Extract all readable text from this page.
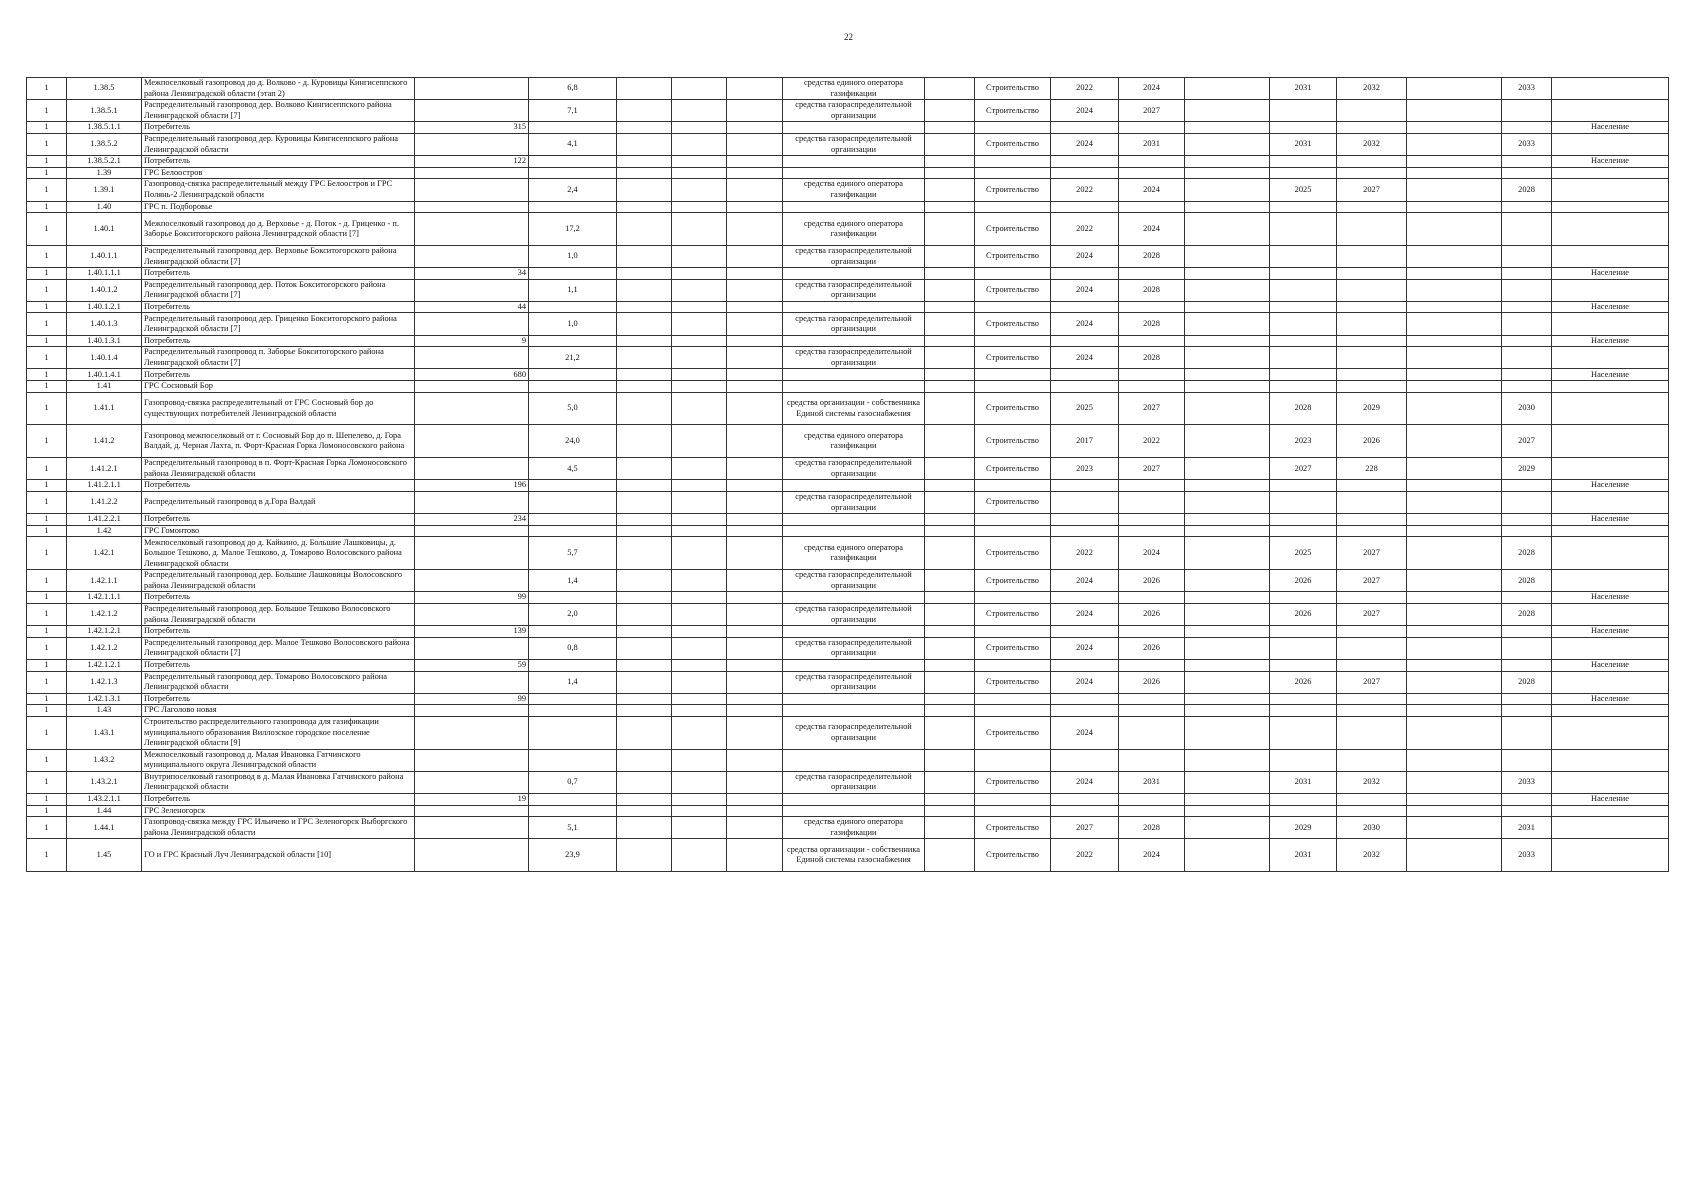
22
1	1.38.5	Межпоселковый газопровод до д. Волково - д. Куровицы Кингисеппского района Ленинградской области (этап 2)		6,8				средства единого оператора газификации		Строительство	2022	2024		2031	2032		2033	
1	1.38.5.1	Распределительный газопровод дер. Волково Кингисеппского района Ленинградской области [7]		7,1				средства газораспределительной организации		Строительство	2024	2027						
1	1.38.5.1.1	Потребитель	315															Население
1	1.38.5.2	Распределительный газопровод дер. Куровицы Кингисеппского района Ленинградской области		4,1				средства газораспределительной организации		Строительство	2024	2031		2031	2032		2033	
1	1.38.5.2.1	Потребитель	122															Население
1	1.39	ГРС Белоостров																
1	1.39.1	Газопровод-связка распределительный между ГРС Белоостров и ГРС Полянь-2 Ленинградской области		2,4				средства единого оператора газификации		Строительство	2022	2024		2025	2027		2028	
1	1.40	ГРС п. Подборовье																
1	1.40.1	Межпоселковый газопровод до д. Верховье - д. Поток - д. Гриценко - п. Заборье Бокситогорского района Ленинградской области [7]		17,2				средства единого оператора газификации		Строительство	2022	2024						
1	1.40.1.1	Распределительный газопровод дер. Верховье Бокситогорского района Ленинградской области [7]		1,0				средства газораспределительной организации		Строительство	2024	2028						
1	1.40.1.1.1	Потребитель	34															Население
1	1.40.1.2	Распределительный газопровод дер. Поток Бокситогорского района Ленинградской области [7]		1,1				средства газораспределительной организации		Строительство	2024	2028						
1	1.40.1.2.1	Потребитель	44															Население
1	1.40.1.3	Распределительный газопровод дер. Гриценко Бокситогорского района Ленинградской области [7]		1,0				средства газораспределительной организации		Строительство	2024	2028						
1	1.40.1.3.1	Потребитель	9															Население
1	1.40.1.4	Распределительный газопровод п. Заборье Бокситогорского района Ленинградской области [7]		21,2				средства газораспределительной организации		Строительство	2024	2028						
1	1.40.1.4.1	Потребитель	680															Население
1	1.41	ГРС Сосновый Бор																
1	1.41.1	Газопровод-связка распределительный от ГРС Сосновый бор до существующих потребителей Ленинградской области		5,0				средства организации - собственника Единой системы газоснабжения		Строительство	2025	2027		2028	2029		2030	
1	1.41.2	Газопровод межпоселковый от г. Сосновый Бор до п. Шепелево, д. Гора Валдай, д. Черная Лахта, п. Форт-Красная Горка Ломоносовского района		24,0				средства единого оператора газификации		Строительство	2017	2022		2023	2026		2027	
1	1.41.2.1	Распределительный газопровод в п. Форт-Красная Горка Ломоносовского района Ленинградской области		4,5				средства газораспределительной организации		Строительство	2023	2027		2027	228		2029	
1	1.41.2.1.1	Потребитель	196															Население
1	1.41.2.2	Распределительный газопровод в д.Гора Валдай						средства газораспределительной организации		Строительство								
1	1.41.2.2.1	Потребитель	234															Население
1	1.42	ГРС Гомонтово																
1	1.42.1	Межпоселковый газопровод до д. Кайкино, д. Большие Лашковицы, д. Большое Тешково, д. Малое Тешково, д. Томарово Волосовского района Ленинградской области		5,7				средства единого оператора газификации		Строительство	2022	2024		2025	2027		2028	
1	1.42.1.1	Распределительный газопровод дер. Большие Лашковицы Волосовского района Ленинградской области		1,4				средства газораспределительной организации		Строительство	2024	2026		2026	2027		2028	
1	1.42.1.1.1	Потребитель	99															Население
1	1.42.1.2	Распределительный газопровод дер. Большое Тешково Волосовского района Ленинградской области		2,0				средства газораспределительной организации		Строительство	2024	2026		2026	2027		2028	
1	1.42.1.2.1	Потребитель	139															Население
1	1.42.1.2	Распределительный газопровод дер. Малое Тешково Волосовского района Ленинградской области [7]		0,8				средства газораспределительной организации		Строительство	2024	2026						
1	1.42.1.2.1	Потребитель	59															Население
1	1.42.1.3	Распределительный газопровод дер. Томарово Волосовского района Ленинградской области		1,4				средства газораспределительной организации		Строительство	2024	2026		2026	2027		2028	
1	1.42.1.3.1	Потребитель	99															Население
1	1.43	ГРС Лаголово новая																
1	1.43.1	Строительство распределительного газопровода для газификации муниципального образования Виллозское городское поселение Ленинградской области [9]						средства газораспределительной организации		Строительство	2024							
1	1.43.2	Межпоселковый газопровод д. Малая Ивановка Гатчинского муниципального округа Ленинградской области																
1	1.43.2.1	Внутрипоселковый газопровод в д. Малая Ивановка Гатчинского района Ленинградской области		0,7				средства газораспределительной организации		Строительство	2024	2031		2031	2032		2033	
1	1.43.2.1.1	Потребитель	19															Население
1	1.44	ГРС Зеленогорск																
1	1.44.1	Газопровод-связка между ГРС Ильичево и ГРС Зеленогорск Выборгского района Ленинградской области		5,1				средства единого оператора газификации		Строительство	2027	2028		2029	2030		2031	
1	1.45	ГО и ГРС Красный Луч Ленинградской области [10]		23,9				средства организации - собственника Единой системы газоснабжения		Строительство	2022	2024		2031	2032		2033	
